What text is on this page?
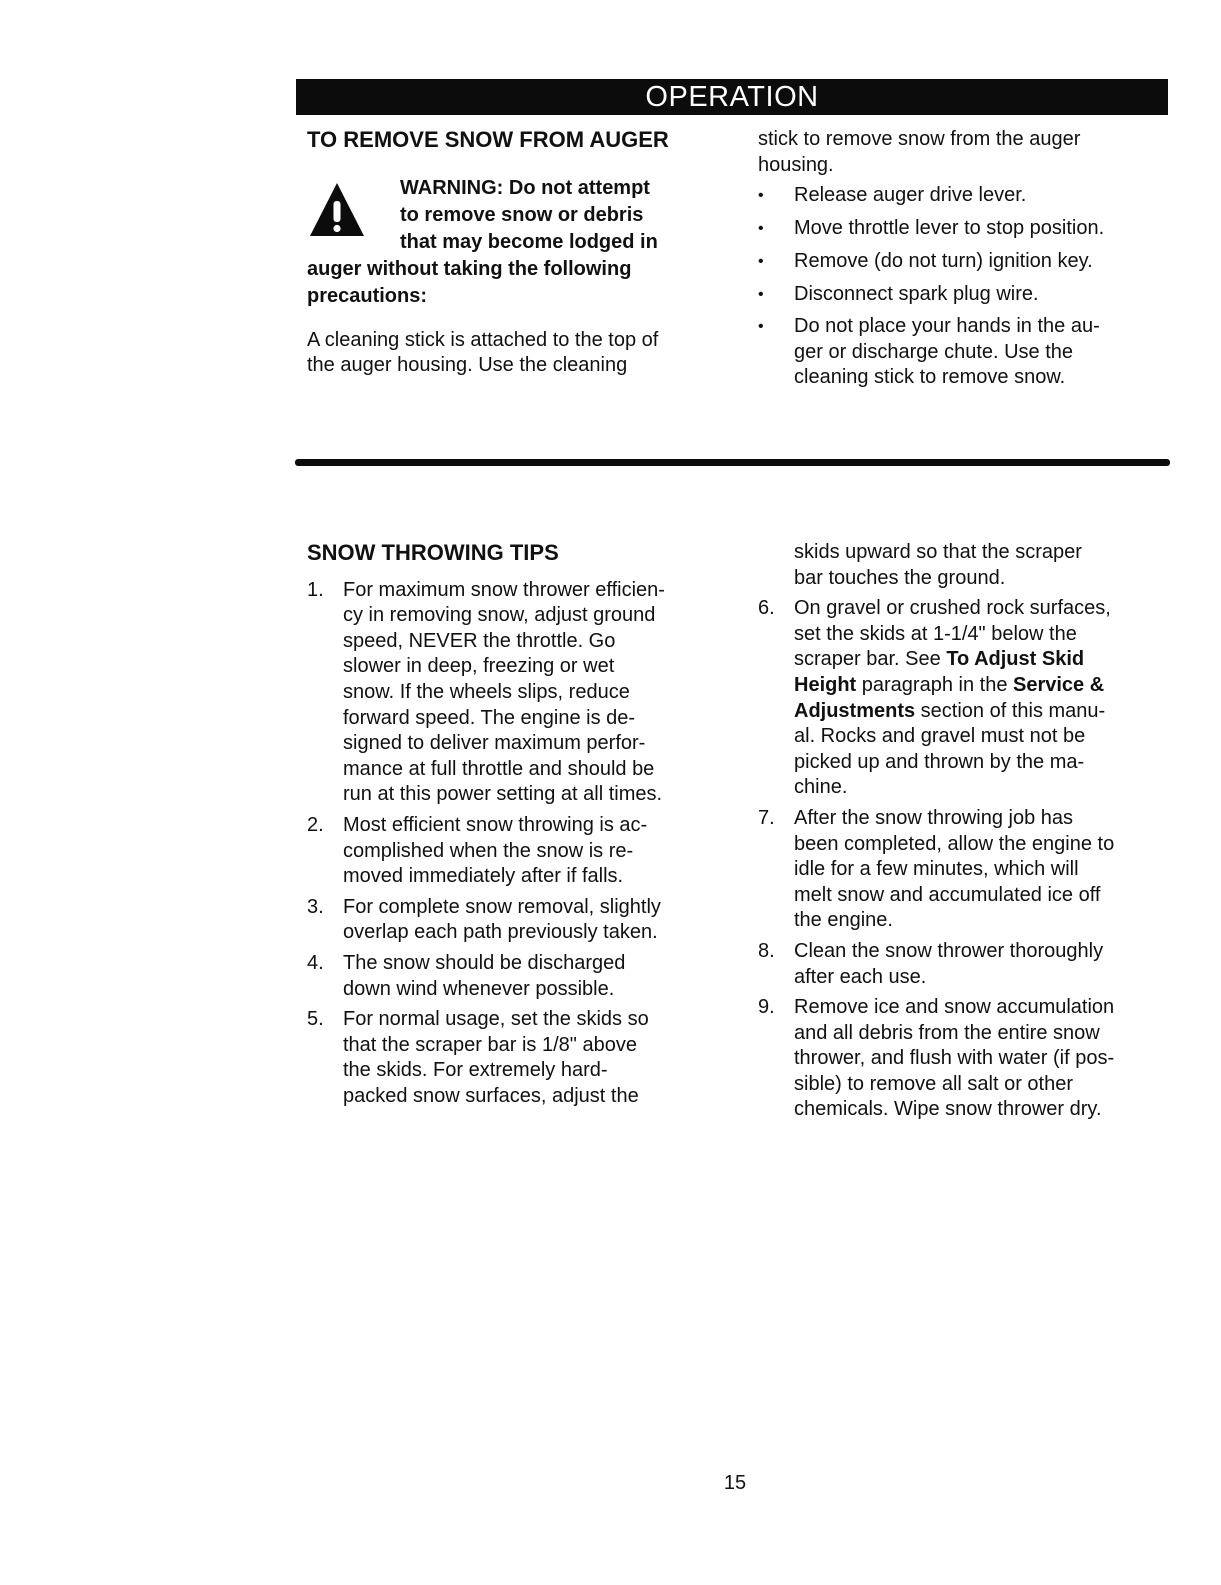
OPERATION
TO REMOVE SNOW FROM AUGER
WARNING: Do not attempt
to remove snow or debris
that may become lodged in
auger without taking the following
precautions:
A cleaning stick is attached to the top of
the auger housing. Use the cleaning
stick to remove snow from the auger
housing.
• Release auger drive lever.
• Move throttle lever to stop position.
• Remove (do not turn) ignition key.
• Disconnect spark plug wire.
• Do not place your hands in the au-
ger or discharge chute. Use the
cleaning stick to remove snow.
SNOW THROWING TIPS
1. For maximum snow thrower efficien-
cy in removing snow, adjust ground
speed, NEVER the throttle. Go
slower in deep, freezing or wet
snow. If the wheels slips, reduce
forward speed. The engine is de-
signed to deliver maximum perfor-
mance at full throttle and should be
run at this power setting at all times.
2. Most efficient snow throwing is ac-
complished when the snow is re-
moved immediately after if falls.
3. For complete snow removal, slightly
overlap each path previously taken.
4. The snow should be discharged
down wind whenever possible.
5. For normal usage, set the skids so
that the scraper bar is 1/8" above
the skids. For extremely hard-
packed snow surfaces, adjust the
skids upward so that the scraper
bar touches the ground.
6. On gravel or crushed rock surfaces,
set the skids at 1-1/4" below the
scraper bar. See To Adjust Skid
Height paragraph in the Service &
Adjustments section of this manu-
al. Rocks and gravel must not be
picked up and thrown by the ma-
chine.
7. After the snow throwing job has
been completed, allow the engine to
idle for a few minutes, which will
melt snow and accumulated ice off
the engine.
8. Clean the snow thrower thoroughly
after each use.
9. Remove ice and snow accumulation
and all debris from the entire snow
thrower, and flush with water (if pos-
sible) to remove all salt or other
chemicals. Wipe snow thrower dry.
15
